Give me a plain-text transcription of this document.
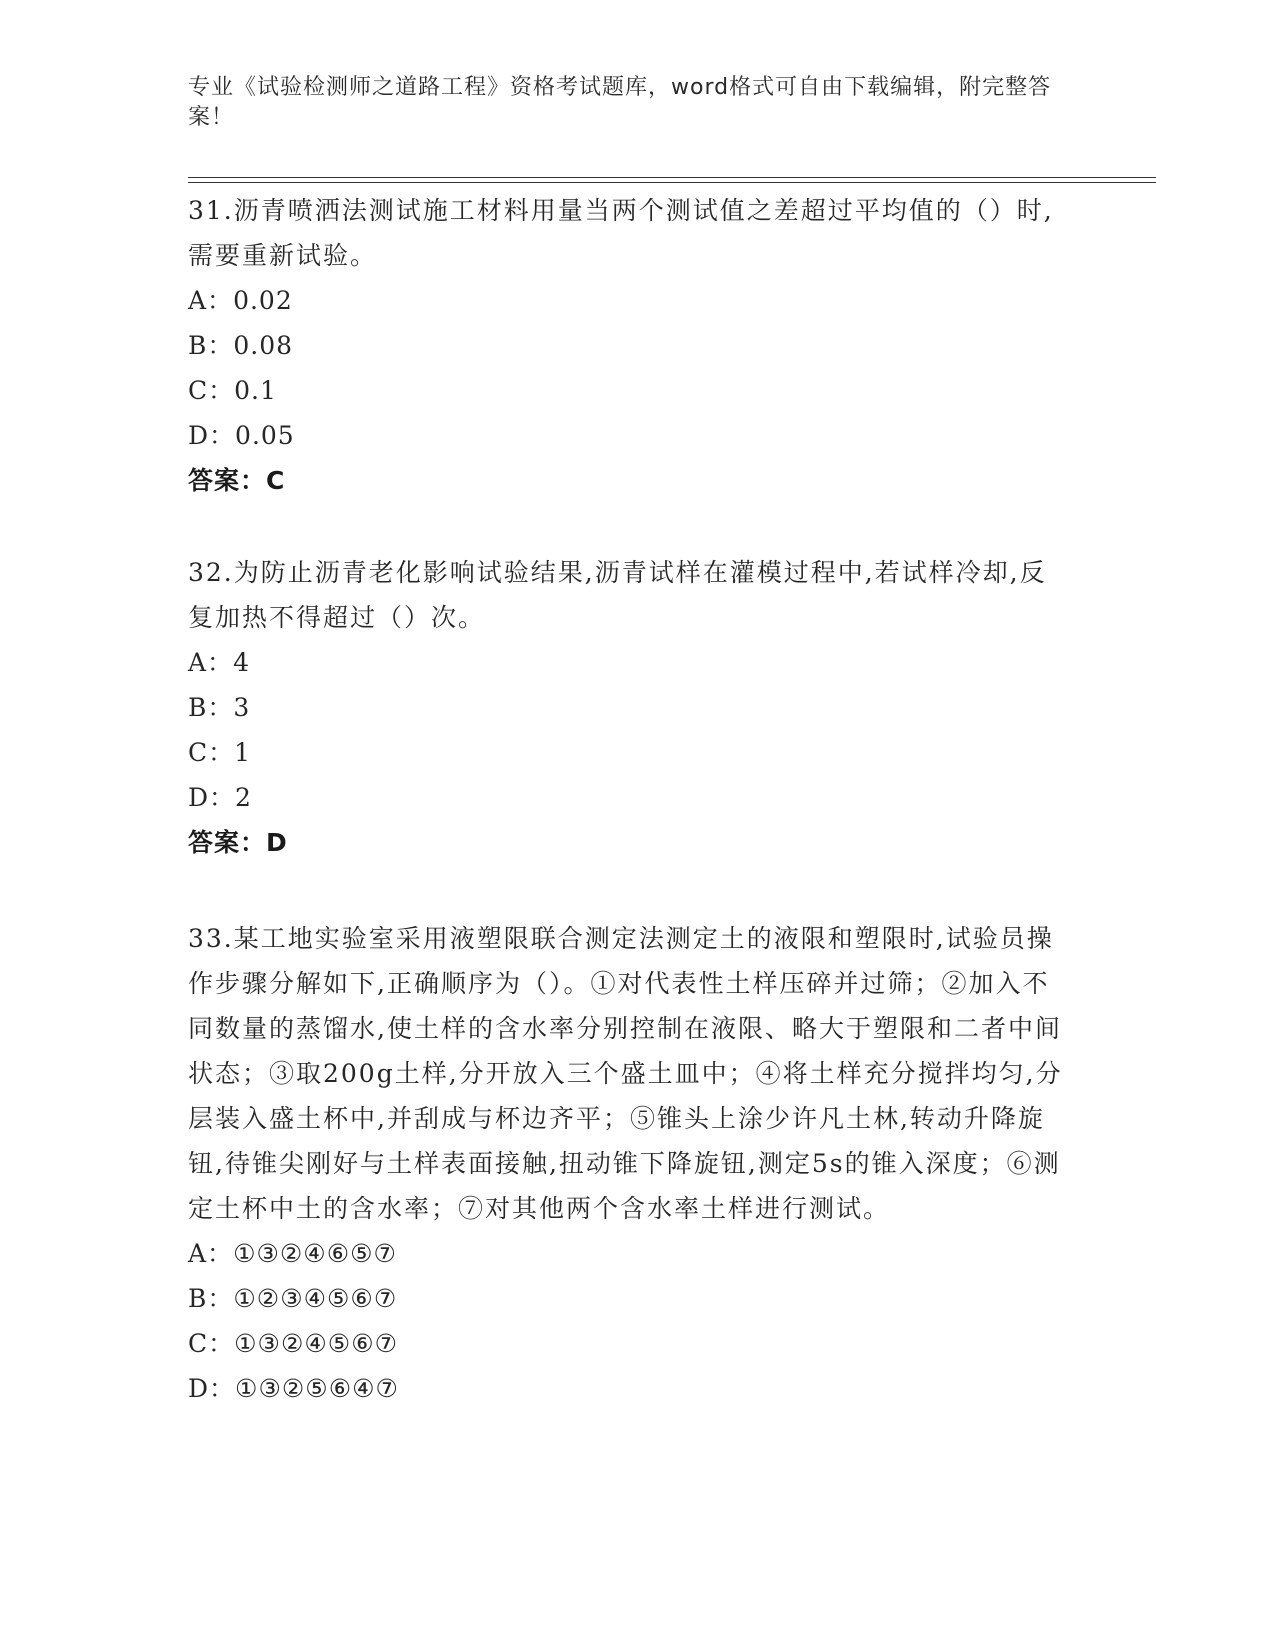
专业《试验检测师之道路工程》资格考试题库，word格式可自由下载编辑，附完整答案！
31.沥青喷洒法测试施工材料用量当两个测试值之差超过平均值的（）时,需要重新试验。
A：0.02
B：0.08
C：0.1
D：0.05
答案：C
32.为防止沥青老化影响试验结果,沥青试样在灌模过程中,若试样冷却,反复加热不得超过（）次。
A：4
B：3
C：1
D：2
答案：D
33.某工地实验室采用液塑限联合测定法测定土的液限和塑限时,试验员操作步骤分解如下,正确顺序为（）。①对代表性土样压碎并过筛；②加入不同数量的蒸馏水,使土样的含水率分别控制在液限、略大于塑限和二者中间状态；③取200g土样,分开放入三个盛土皿中；④将土样充分搅拌均匀,分层装入盛土杯中,并刮成与杯边齐平；⑤锥头上涂少许凡土林,转动升降旋钮,待锥尖刚好与土样表面接触,扭动锥下降旋钮,测定5s的锥入深度；⑥测定土杯中土的含水率；⑦对其他两个含水率土样进行测试。
A：①③②④⑥⑤⑦
B：①②③④⑤⑥⑦
C：①③②④⑤⑥⑦
D：①③②⑤⑥④⑦
